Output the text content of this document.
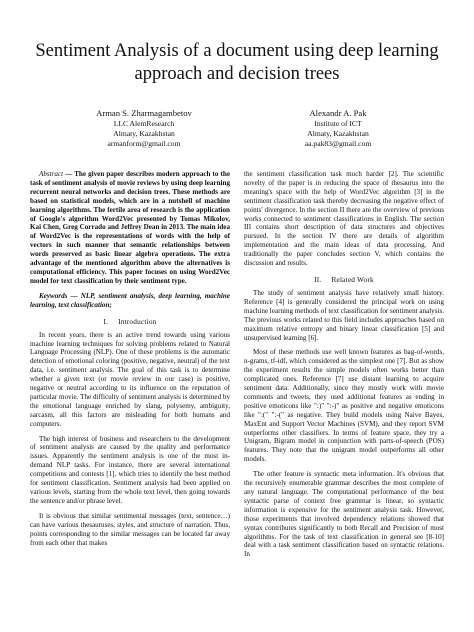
Sentiment Analysis of a document using deep learning approach and decision trees
Arman S. Zharmagambetov
LLC AlemResearch
Almaty, Kazakhstan
armanform@gmail.com
Alexandr A. Pak
Institute of ICT
Almaty, Kazakhstan
aa.pak83@gmail.com

Abstract — The given paper describes modern approach to the task of sentiment analysis of movie reviews by using deep learning recurrent neural networks and decision trees. These methods are based on statistical models, which are in a nutshell of machine learning algorithms. The fertile area of research is the application of Google's algorithm Word2Vec presented by Tomas Mikolov, Kai Chen, Greg Corrado and Jeffrey Dean in 2013. The main idea of Word2Vec is the representations of words with the help of vectors in such manner that semantic relationships between words preserved as basic linear algebra operations. The extra advantage of the mentioned algorithm above the alternatives is computational efficiency. This paper focuses on using Word2Vec model for text classification by their sentiment type.

Keywords — NLP, sentiment analysis, deep learning, machine learning, text classification;

I. Introduction

In recent years, there is an active trend towards using various machine learning techniques for solving problems related to Natural Language Processing (NLP). One of these problems is the automatic detection of emotional coloring (positive, negative, neutral) of the text data, i.e. sentiment analysis. The goal of this task is to determine whether a given text (or movie review in our case) is positive, negative or neutral according to its influence on the reputation of particular movie. The difficulty of sentiment analysis is determined by the emotional language enriched by slang, polysemy, ambiguity, sarcasm, all this factors are misleading for both humans and computers.

The high interest of business and researchers to the development of sentiment analysis are caused by the quality and performance issues. Apparently the sentiment analysis is one of the most in-demand NLP tasks. For instance, there are several international competitions and contests [1], which tries to identify the best method for sentiment classification. Sentiment analysis had been applied on various levels, starting from the whole text level, then going towards the sentence and/or phrase level.

It is obvious that similar sentimental messages (text, sentence…) can have various thesauruses, styles, and structure of narration. Thus, points corresponding to the similar messages can be located far away from each other that makes

the sentiment classification task much harder [2]. The scientific novelty of the paper is in reducing the space of thesaurus into the meaning's space with the help of Word2Vec algorithm [3] in the sentiment classification task thereby decreasing the negative effect of points' divergence. In the section II there are the overview of previous works connected to sentiment classifications in English. The section III contains short description of data structures and objectives pursued. In the section IV there are details of algorithm implementation and the main ideas of data processing. And traditionally the paper concludes section V, which contains the discussion and results.

II. Related Work

The study of sentiment analysis have relatively small history. Reference [4] is generally considered the principal work on using machine learning methods of text classification for sentiment analysis. The previous works related to this field includes approaches based on maximum relative entropy and binary linear classification [5] and unsupervised learning [6].

Most of these methods use well known features as bag-of-words, n-grams, tf-idf, which considered as the simplest one [7]. But as show the experiment results the simple models often works better than complicated ones. Reference [7] use distant learning to acquire sentiment data. Additionally, since they mostly work with movie comments and tweets, they used additional features as ending in positive emoticons like ":)" ":-)" as positive and negative emoticons like ":(" ":-(" as negative. They build models using Naive Bayes, MaxEnt and Support Vector Machines (SVM), and they report SVM outperforms other classifiers. In terms of feature space, they try a Unigram, Bigram model in conjunction with parts-of-speech (POS) features. They note that the unigram model outperforms all other models.

The other feature is syntactic meta information. It's obvious that the recursively enumerable grammar describes the most complete of any natural language. The computational performance of the best syntactic parse of context free grammar is linear, so syntactic information is expensive for the sentiment analysis task. However, those experiments that involved dependency relations showed that syntax contributes significantly to both Recall and Precision of most algorithms. For the task of text classification in general see [8-10] deal with a task sentiment classification based on syntactic relations. In
